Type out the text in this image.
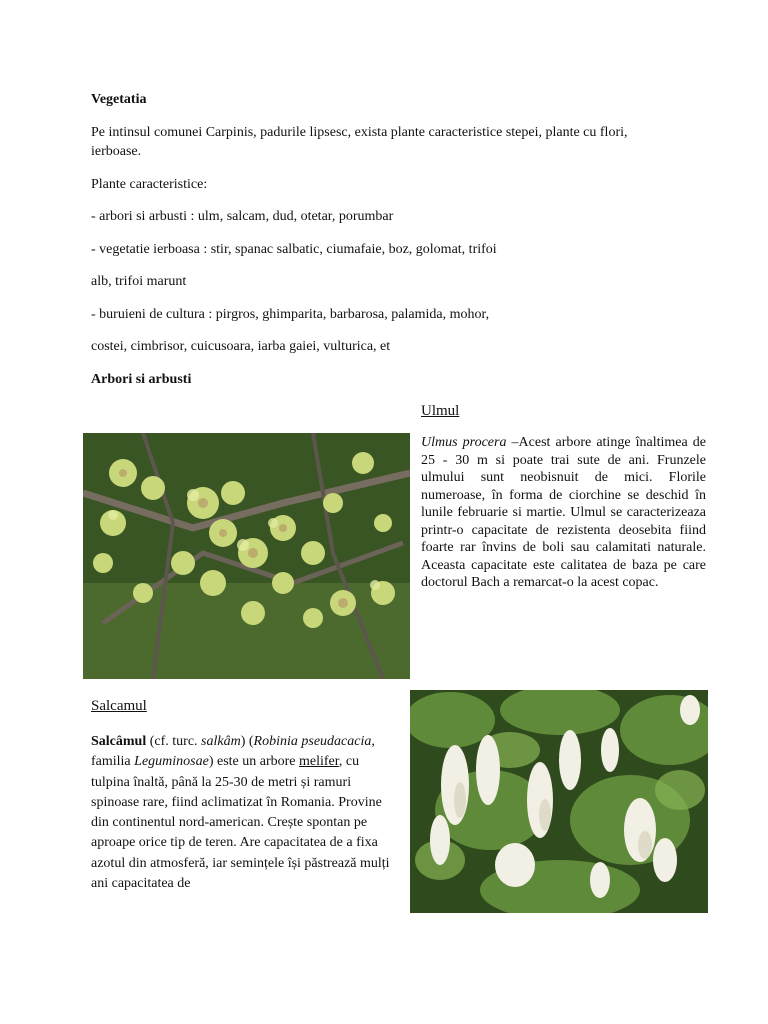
Vegetatia
Pe intinsul comunei Carpinis, padurile lipsesc, exista plante caracteristice stepei, plante cu flori,
ierboase.
Plante caracteristice:
- arbori si arbusti : ulm, salcam, dud, otetar, porumbar
- vegetatie ierboasa : stir, spanac salbatic, ciumafaie, boz, golomat, trifoi
alb, trifoi marunt
- buruieni de cultura : pirgros, ghimparita, barbarosa, palamida, mohor,
costei, cimbrisor, cuicusoara, iarba gaiei, vulturica, et
Arbori si arbusti
Ulmul
Ulmus procera –Acest arbore atinge înaltimea de 25 - 30 m si poate trai sute de ani. Frunzele ulmului sunt neobisnuit de mici. Florile numeroase, în forma de ciorchine se deschid în lunile februarie si martie. Ulmul se caracterizeaza printr-o capacitate de rezistenta deosebita fiind foarte rar învins de boli sau calamitati naturale. Aceasta capacitate este calitatea de baza pe care doctorul Bach a remarcat-o la acest copac.
Salcamul
Salcâmul (cf. turc. salkâm) (Robinia pseudacacia, familia Leguminosae) este un arbore melifer, cu tulpina înaltă, până la 25-30 de metri și ramuri spinoase rare, fiind aclimatizat în Romania. Provine din continentul nord-american. Crește spontan pe aproape orice tip de teren. Are capacitatea de a fixa azotul din atmosferă, iar semințele își păstrează mulți ani capacitatea de
